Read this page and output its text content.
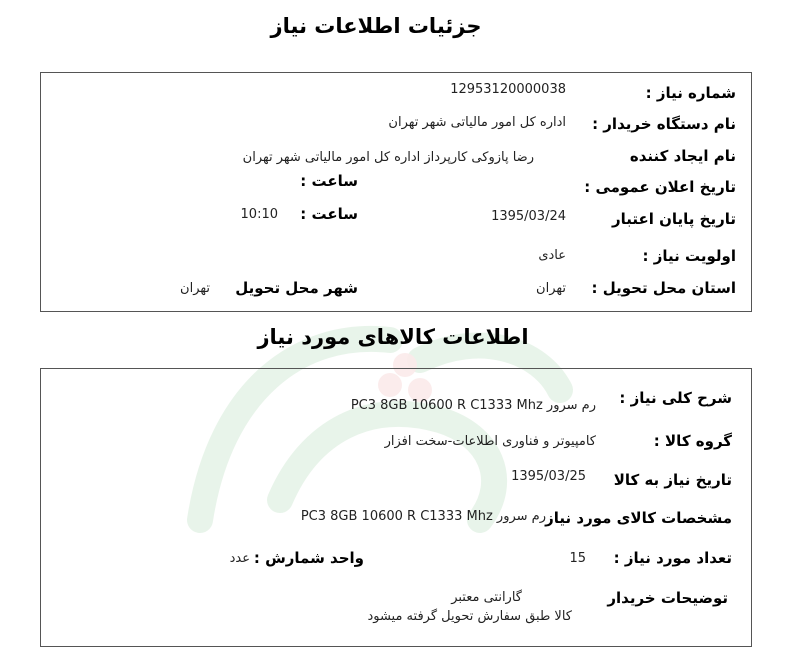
جزئیات اطلاعات نیاز
شماره نیاز :
12953120000038
نام دستگاه خریدار :
اداره کل امور مالیاتی شهر تهران
نام ایجاد کننده
رضا پازوکی کارپرداز اداره کل امور مالیاتی شهر تهران
تاریخ اعلان عمومی :
ساعت :
تاریخ پایان اعتبار
1395/03/24
ساعت :
10:10
اولویت نیاز :
عادی
استان محل تحویل :
تهران
شهر محل تحویل
تهران
اطلاعات کالاهای مورد نیاز
شرح کلی نیاز :
رم سرور PC3 8GB 10600 R C1333 Mhz
گروه کالا :
کامپیوتر و فناوری اطلاعات-سخت افزار
تاریخ نیاز به کالا
1395/03/25
مشخصات کالای مورد نیاز
رم سرور PC3 8GB 10600 R C1333 Mhz
تعداد مورد نیاز :
15
واحد شمارش :
عدد
توضیحات خریدار
گارانتی معتبر
کالا طبق سفارش تحویل گرفته میشود
